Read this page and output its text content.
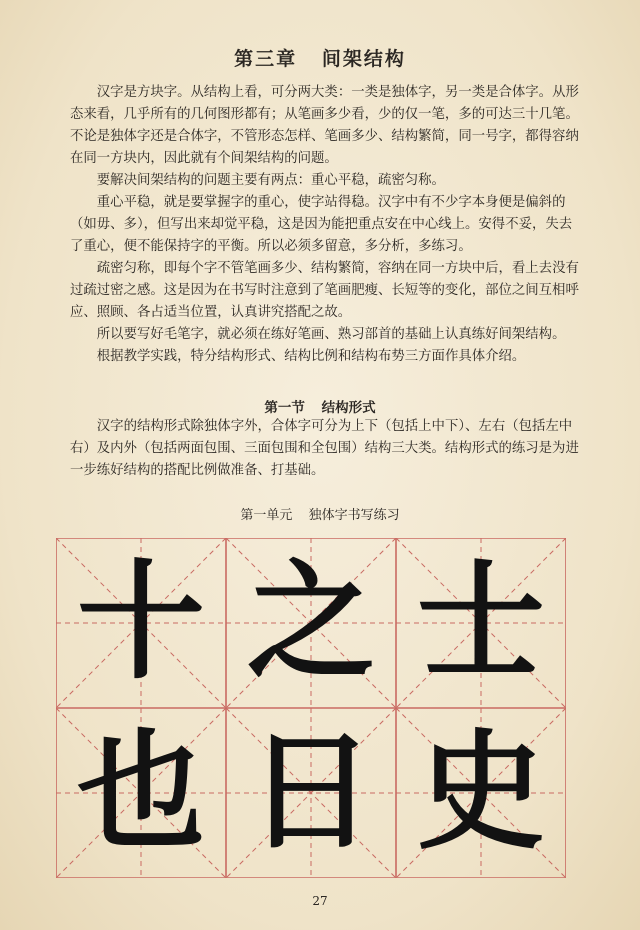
第三章 间架结构

汉字是方块字。从结构上看，可分两大类：一类是独体字，另一类是合体字。从形态来看，几乎所有的几何图形都有；从笔画多少看，少的仅一笔，多的可达三十几笔。不论是独体字还是合体字，不管形态怎样、笔画多少、结构繁简，同一号字，都得容纳在同一方块内，因此就有个间架结构的问题。

要解决间架结构的问题主要有两点：重心平稳，疏密匀称。

重心平稳，就是要掌握字的重心，使字站得稳。汉字中有不少字本身便是偏斜的（如毋、多），但写出来却觉平稳，这是因为能把重点安在中心线上。安得不妥，失去了重心，便不能保持字的平衡。所以必须多留意，多分析，多练习。

疏密匀称，即每个字不管笔画多少、结构繁简，容纳在同一方块中后，看上去没有过疏过密之感。这是因为在书写时注意到了笔画肥瘦、长短等的变化，部位之间互相呼应、照顾、各占适当位置，认真讲究搭配之故。

所以要写好毛笔字，就必须在练好笔画、熟习部首的基础上认真练好间架结构。

根据教学实践，特分结构形式、结构比例和结构布势三方面作具体介绍。

第一节 结构形式

汉字的结构形式除独体字外，合体字可分为上下（包括上中下）、左右（包括左中右）及内外（包括两面包围、三面包围和全包围）结构三大类。结构形式的练习是为进一步练好结构的搭配比例做准备、打基础。

第一单元 独体字书写练习
十 之 士
也 日 史
27
